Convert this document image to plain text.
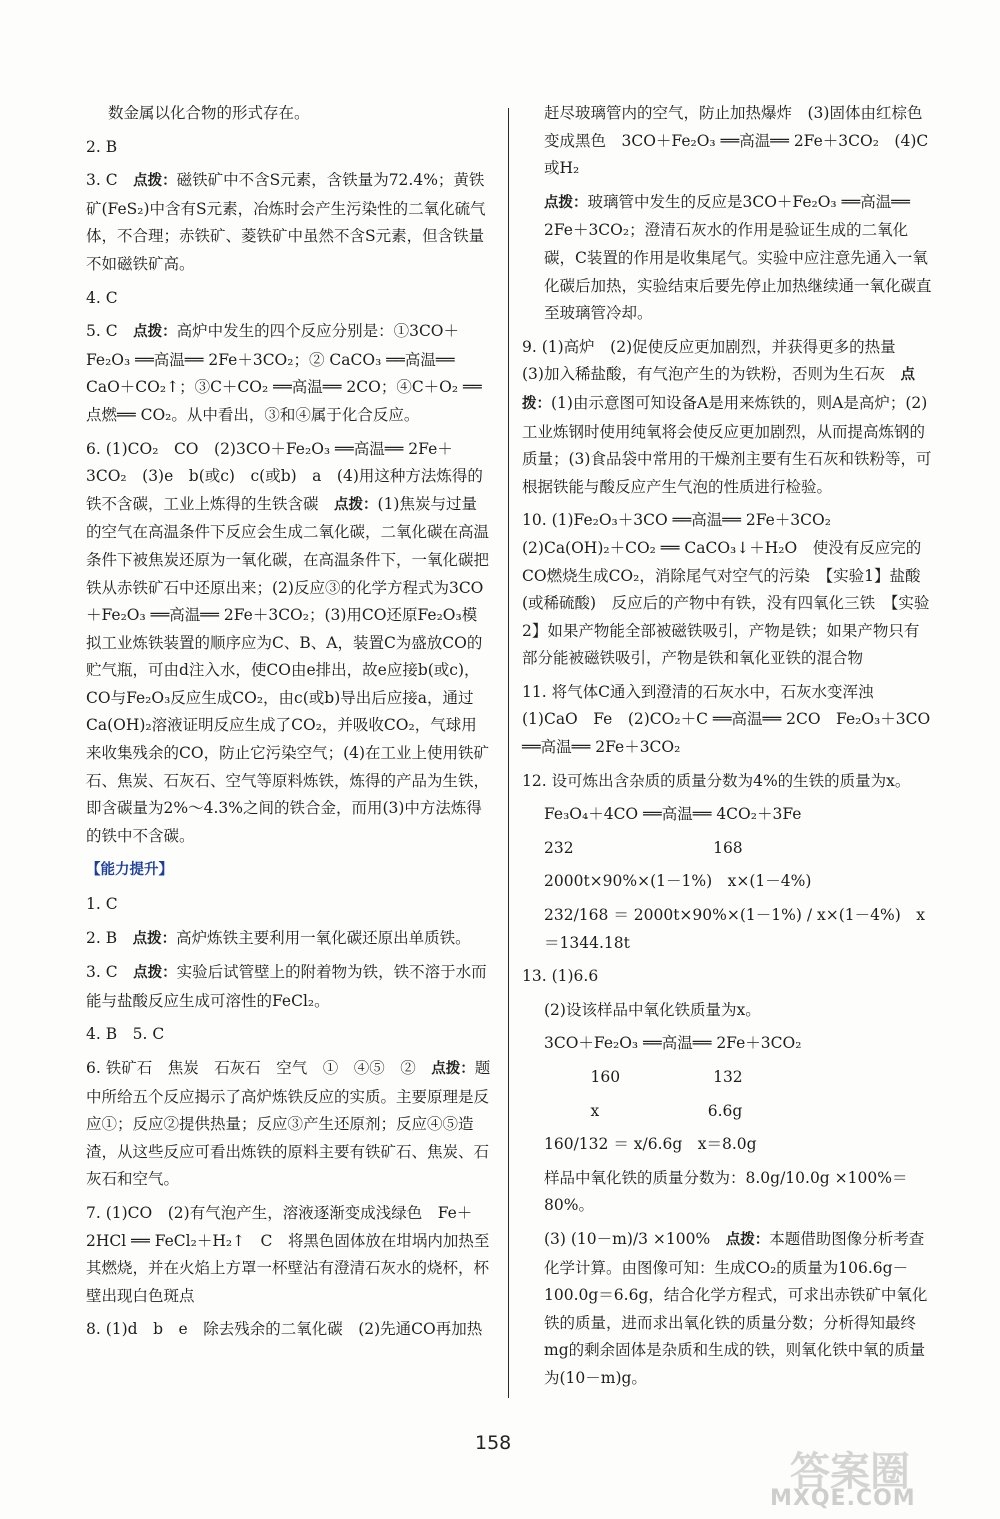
数金属以化合物的形式存在。
2. B
3. C　点拨：磁铁矿中不含S元素，含铁量为72.4%；黄铁矿(FeS₂)中含有S元素，冶炼时会产生污染性的二氧化硫气体，不合理；赤铁矿、菱铁矿中虽然不含S元素，但含铁量不如磁铁矿高。
4. C
5. C　点拨：高炉中发生的四个反应分别是：①3CO＋Fe₂O₃ ══高温══ 2Fe＋3CO₂；② CaCO₃ ══高温══ CaO＋CO₂↑；③C＋CO₂ ══高温══ 2CO；④C＋O₂ ══点燃══ CO₂。从中看出，③和④属于化合反应。
6. (1)CO₂　CO　(2)3CO＋Fe₂O₃ ══高温══ 2Fe＋3CO₂　(3)e　b(或c)　c(或b)　a　(4)用这种方法炼得的铁不含碳，工业上炼得的生铁含碳　点拨：(1)焦炭与过量的空气在高温条件下反应会生成二氧化碳，二氧化碳在高温条件下被焦炭还原为一氧化碳，在高温条件下，一氧化碳把铁从赤铁矿石中还原出来；(2)反应③的化学方程式为3CO＋Fe₂O₃ ══高温══ 2Fe＋3CO₂；(3)用CO还原Fe₂O₃模拟工业炼铁装置的顺序应为C、B、A，装置C为盛放CO的贮气瓶，可由d注入水，使CO由e排出，故e应接b(或c)，CO与Fe₂O₃反应生成CO₂，由c(或b)导出后应接a，通过Ca(OH)₂溶液证明反应生成了CO₂，并吸收CO₂，气球用来收集残余的CO，防止它污染空气；(4)在工业上使用铁矿石、焦炭、石灰石、空气等原料炼铁，炼得的产品为生铁，即含碳量为2%～4.3%之间的铁合金，而用(3)中方法炼得的铁中不含碳。
【能力提升】
1. C
2. B　点拨：高炉炼铁主要利用一氧化碳还原出单质铁。
3. C　点拨：实验后试管壁上的附着物为铁，铁不溶于水而能与盐酸反应生成可溶性的FeCl₂。
4. B　5. C
6. 铁矿石　焦炭　石灰石　空气　①　④⑤　②　点拨：题中所给五个反应揭示了高炉炼铁反应的实质。主要原理是反应①；反应②提供热量；反应③产生还原剂；反应④⑤造渣，从这些反应可看出炼铁的原料主要有铁矿石、焦炭、石灰石和空气。
7. (1)CO　(2)有气泡产生，溶液逐渐变成浅绿色　Fe＋2HCl ══ FeCl₂＋H₂↑　C　将黑色固体放在坩埚内加热至其燃烧，并在火焰上方罩一杯壁沾有澄清石灰水的烧杯，杯壁出现白色斑点
8. (1)d　b　e　除去残余的二氧化碳　(2)先通CO再加热
赶尽玻璃管内的空气，防止加热爆炸　(3)固体由红棕色变成黑色　3CO＋Fe₂O₃ ══高温══ 2Fe＋3CO₂　(4)C或H₂
点拨：玻璃管中发生的反应是3CO＋Fe₂O₃ ══高温══ 2Fe＋3CO₂；澄清石灰水的作用是验证生成的二氧化碳，C装置的作用是收集尾气。实验中应注意先通入一氧化碳后加热，实验结束后要先停止加热继续通一氧化碳直至玻璃管冷却。
9. (1)高炉　(2)促使反应更加剧烈，并获得更多的热量　(3)加入稀盐酸，有气泡产生的为铁粉，否则为生石灰　点拨：(1)由示意图可知设备A是用来炼铁的，则A是高炉；(2)工业炼钢时使用纯氧将会使反应更加剧烈，从而提高炼钢的质量；(3)食品袋中常用的干燥剂主要有生石灰和铁粉等，可根据铁能与酸反应产生气泡的性质进行检验。
10. (1)Fe₂O₃＋3CO ══高温══ 2Fe＋3CO₂　(2)Ca(OH)₂＋CO₂ ══ CaCO₃↓＋H₂O　使没有反应完的CO燃烧生成CO₂，消除尾气对空气的污染　【实验1】盐酸(或稀硫酸)　反应后的产物中有铁，没有四氧化三铁　【实验2】如果产物能全部被磁铁吸引，产物是铁；如果产物只有部分能被磁铁吸引，产物是铁和氧化亚铁的混合物
11. 将气体C通入到澄清的石灰水中，石灰水变浑浊　(1)CaO　Fe　(2)CO₂＋C ══高温══ 2CO　Fe₂O₃＋3CO ══高温══ 2Fe＋3CO₂
12. 设可炼出含杂质的质量分数为4%的生铁的质量为x。
Fe₃O₄＋4CO ══高温══ 4CO₂＋3Fe
232　　　　　　　　　168
2000t×90%×(1－1%)　x×(1－4%)
232/168 ＝ 2000t×90%×(1－1%) / x×(1－4%)　x＝1344.18t
13. (1)6.6
(2)设该样品中氧化铁质量为x。
3CO＋Fe₂O₃ ══高温══ 2Fe＋3CO₂
　　　160　　　　　　132
　　　x　　　　　　　6.6g
160/132 ＝ x/6.6g　x＝8.0g
样品中氧化铁的质量分数为：8.0g/10.0g ×100%＝80%。
(3) (10－m)/3 ×100%　点拨：本题借助图像分析考查化学计算。由图像可知：生成CO₂的质量为106.6g－100.0g＝6.6g，结合化学方程式，可求出赤铁矿中氧化铁的质量，进而求出氧化铁的质量分数；分析得知最终mg的剩余固体是杂质和生成的铁，则氧化铁中氧的质量为(10－m)g。
158
答案圈
MXQE.COM
